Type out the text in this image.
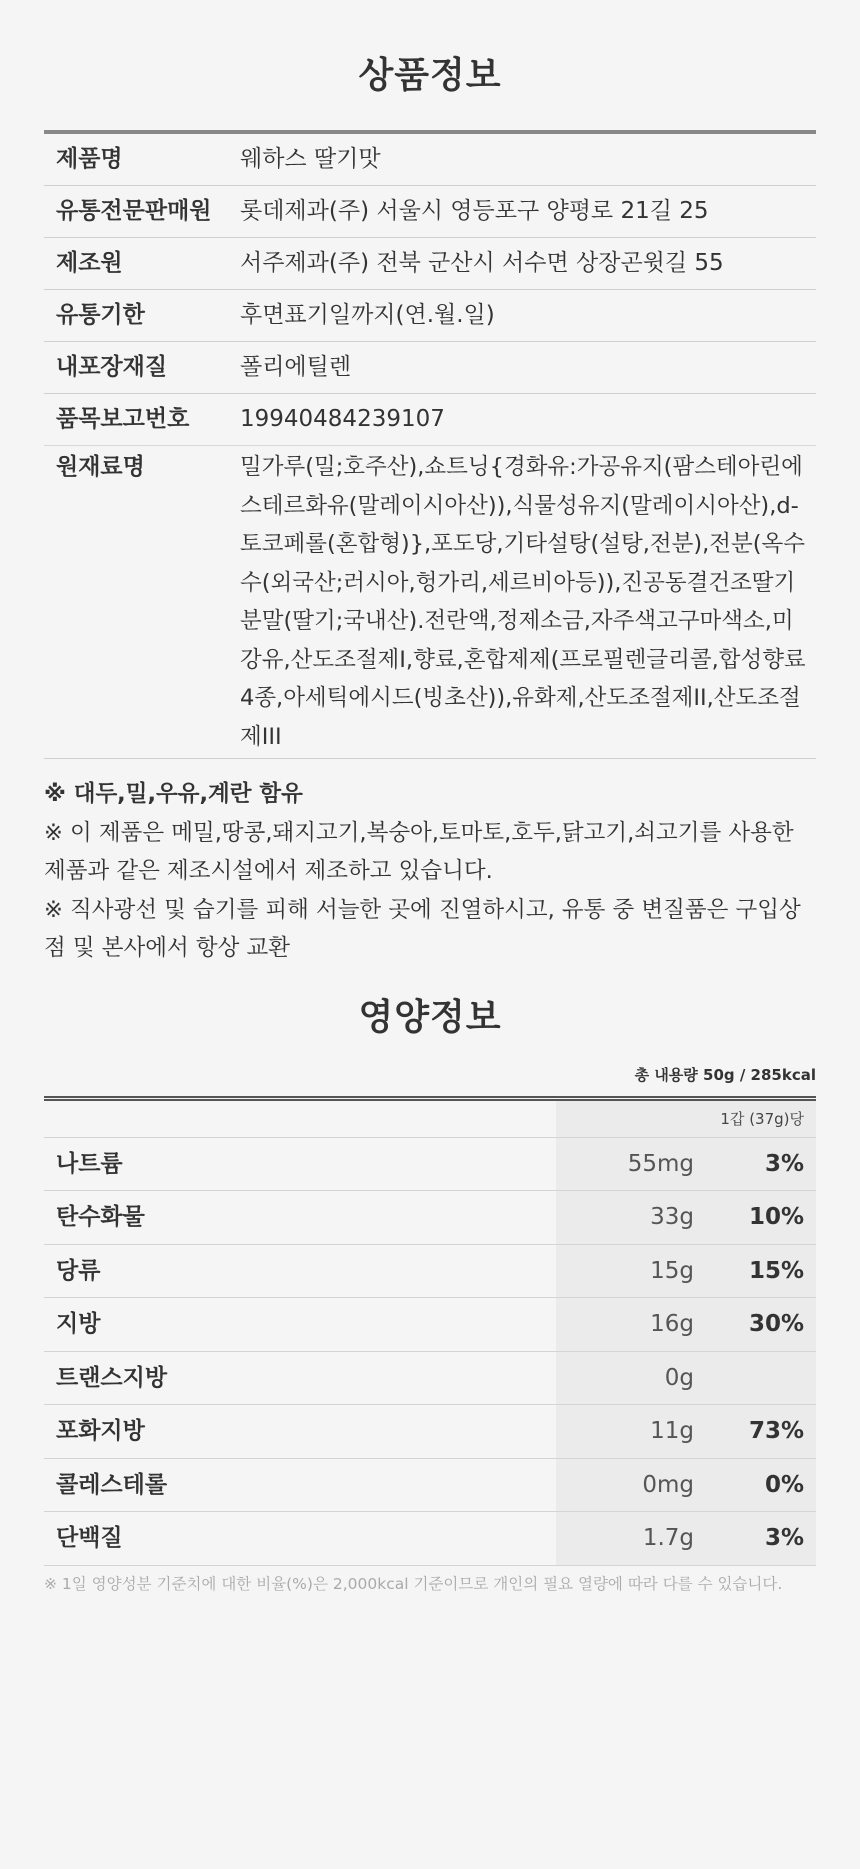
상품정보
제품명	웨하스 딸기맛
유통전문판매원	롯데제과(주) 서울시 영등포구 양평로 21길 25
제조원	서주제과(주) 전북 군산시 서수면 상장곤윗길 55
유통기한	후면표기일까지(연.월.일)
내포장재질	폴리에틸렌
품목보고번호	19940484239107
원재료명	밀가루(밀;호주산),쇼트닝{경화유:가공유지(팜스테아린에스테르화유(말레이시아산)),식물성유지(말레이시아산),d-토코페롤(혼합형)},포도당,기타설탕(설탕,전분),전분(옥수수(외국산;러시아,헝가리,세르비아등)),진공동결건조딸기분말(딸기;국내산).전란액,정제소금,자주색고구마색소,미강유,산도조절제I,향료,혼합제제(프로필렌글리콜,합성향료4종,아세틱에시드(빙초산)),유화제,산도조절제II,산도조절제III
※ 대두,밀,우유,계란 함유
※ 이 제품은 메밀,땅콩,돼지고기,복숭아,토마토,호두,닭고기,쇠고기를 사용한 제품과 같은 제조시설에서 제조하고 있습니다.
※ 직사광선 및 습기를 피해 서늘한 곳에 진열하시고, 유통 중 변질품은 구입상점 및 본사에서 항상 교환
영양정보
총 내용량 50g / 285kcal
1갑 (37g)당
나트륨	55mg	3%
탄수화물	33g	10%
당류	15g	15%
지방	16g	30%
트랜스지방	0g
포화지방	11g	73%
콜레스테롤	0mg	0%
단백질	1.7g	3%
※ 1일 영양성분 기준치에 대한 비율(%)은 2,000kcal 기준이므로 개인의 필요 열량에 따라 다를 수 있습니다.
